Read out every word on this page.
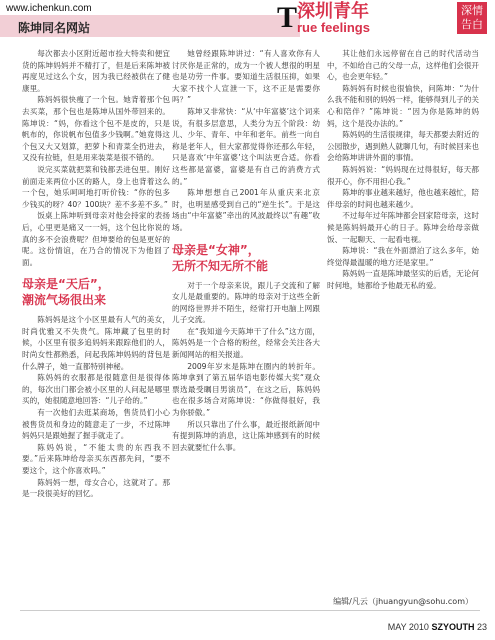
www.ichenkun.com
陈坤同名网站	T 深圳青年
rue feelings
深情告白

每次都去小区附近超市捡大特卖和便宜货的陈坤妈妈并不精打了，但是后来陈坤被再度见过这么个女，因为我已经被供在了健康里。

陈妈妈很快瘦了一个包。她背着那个包去买菜，那个包也是陈坤从国外带回来的。陈坤说：“妈，你看这个包不是皮的，只是帆布的，你说帆布包值多少钱啊。”她竟得这个包又大又划算，把萝卜和青菜全扔进去，又没有拉链，但是用来装菜是很不错的。

说完买菜就把菜和钱都丢进包里。刚好前面走来两位小区的路人，身上也背着这么一个包，她乐呵呵地打听价钱：“你的包多少钱买的呀？40？100块？差不多差不多。”

饭桌上陈坤听到母亲对他会持家的表扬后，心里更是痛又一一妈，这个包比你说的真的多不会浪费呢？但坤要给的包是更好的呢。这份情谊，在乃合的情况下为他囧了面。

母亲是“天后”，
潮流气场很出来

陈妈妈是这个小区里最有人气的美女，时尚优雅又不失贵气。陈坤藏了包里的时候，小区里有很多追妈妈来跟踪他们的人，时尚女性都熟悉，问起我陈坤妈妈的背包是什么牌子，她一直都特别神秘。

陈妈妈的衣服都是很随意但是很得体的，每次出门都会被小区里的人问起是哪里买的，她很随意地回答：“儿子给的。”

有一次他们去逛某商场，售货员们小心被售货员和身边的随意走了一步，不过陈坤妈妈只是跟她握了握手就走了。

陈妈妈说，“不能太贵的东西我不要。”后来陈坤给母亲买东西都先问，“要不要这个，这个你喜欢吗。”

陈妈妈一想，母女合心，这就对了。那是一段很美好的回忆。

她曾经跟陈坤讲过：“有人喜欢你有人讨厌你是正常的，成为一个被人想很的明星也是功劳一件事。要知道生活很压抑，如果大家不找个人宣泄一下，这不正是需要你吗？”

陈坤又非常快：“从‘中年富婆’这个词来说，有很多层意思，人类分为五个阶段：幼儿、少年、青年、中年和老年。前些一向自称是老年人，但大家都觉得你还那么年轻，只是喜欢‘中年富婆’这个叫法更合适。你看这些都是富婆，富婆是有自己的消费方式的。”

陈坤想想自己2001年从重庆来北京时，也明星感受到自己的“逆生长”。于是这场由“中年富婆”牵出的风波最终以“有趣”收场。

母亲是“女神”，
无所不知无所不能

对于一个母亲来说，跟儿子交流和了解女儿是最重要的。陈坤的母亲对于这些全新的网络世界并不陌生，经常打开电脑上网跟儿子交流。

在“我知道今天陈坤干了什么”这方面，陈妈妈是一个合格的粉丝，经常会关注各大新闻网站的相关报道。

2009年岁末是陈坤在圈内的转折年。陈坤拿到了第五届华语电影传媒大奖“观众票选最受瞩目男演员”，在这之后，陈妈妈也在很多场合对陈坤说：“你做得很好，我为你骄傲。”

所以只靠出了什么事，最近报纸新闻中有提到陈坤的消息，这让陈坤感到有的时候回去就要忙什么事。

其让他们永远停留在自己的时代活动当中，不如给自己的父母一点，这样他们会很开心，也会更年轻。”

陈妈妈有时候也很愉快，问陈坤：“为什么我不能和别的妈妈一样，能够得到儿子的关心和陪伴？”陈坤说：“因为你是陈坤的妈妈，这个是没办法的。”

陈妈妈的生活很规律，每天都要去附近的公园散步，遇到熟人就聊几句，有时候回来也会给陈坤讲讲外面的事情。

陈妈妈说：“妈妈现在过得很好，每天都很开心，你不用担心我。”

陈坤的事业越来越好，他也越来越忙，陪伴母亲的时间也越来越少。

不过每年过年陈坤都会回家陪母亲，这时候是陈妈妈最开心的日子。陈坤会给母亲做饭、一起聊天、一起看电视。

陈坤说：“我在外面漂泊了这么多年，始终觉得最温暖的地方还是家里。”

陈妈妈一直是陈坤最坚实的后盾，无论何时何地，她都给予他最无私的爱。

编辑/凡云（jhuangyun@sohu.com）
MAY 2010 SZYOUTH 23
